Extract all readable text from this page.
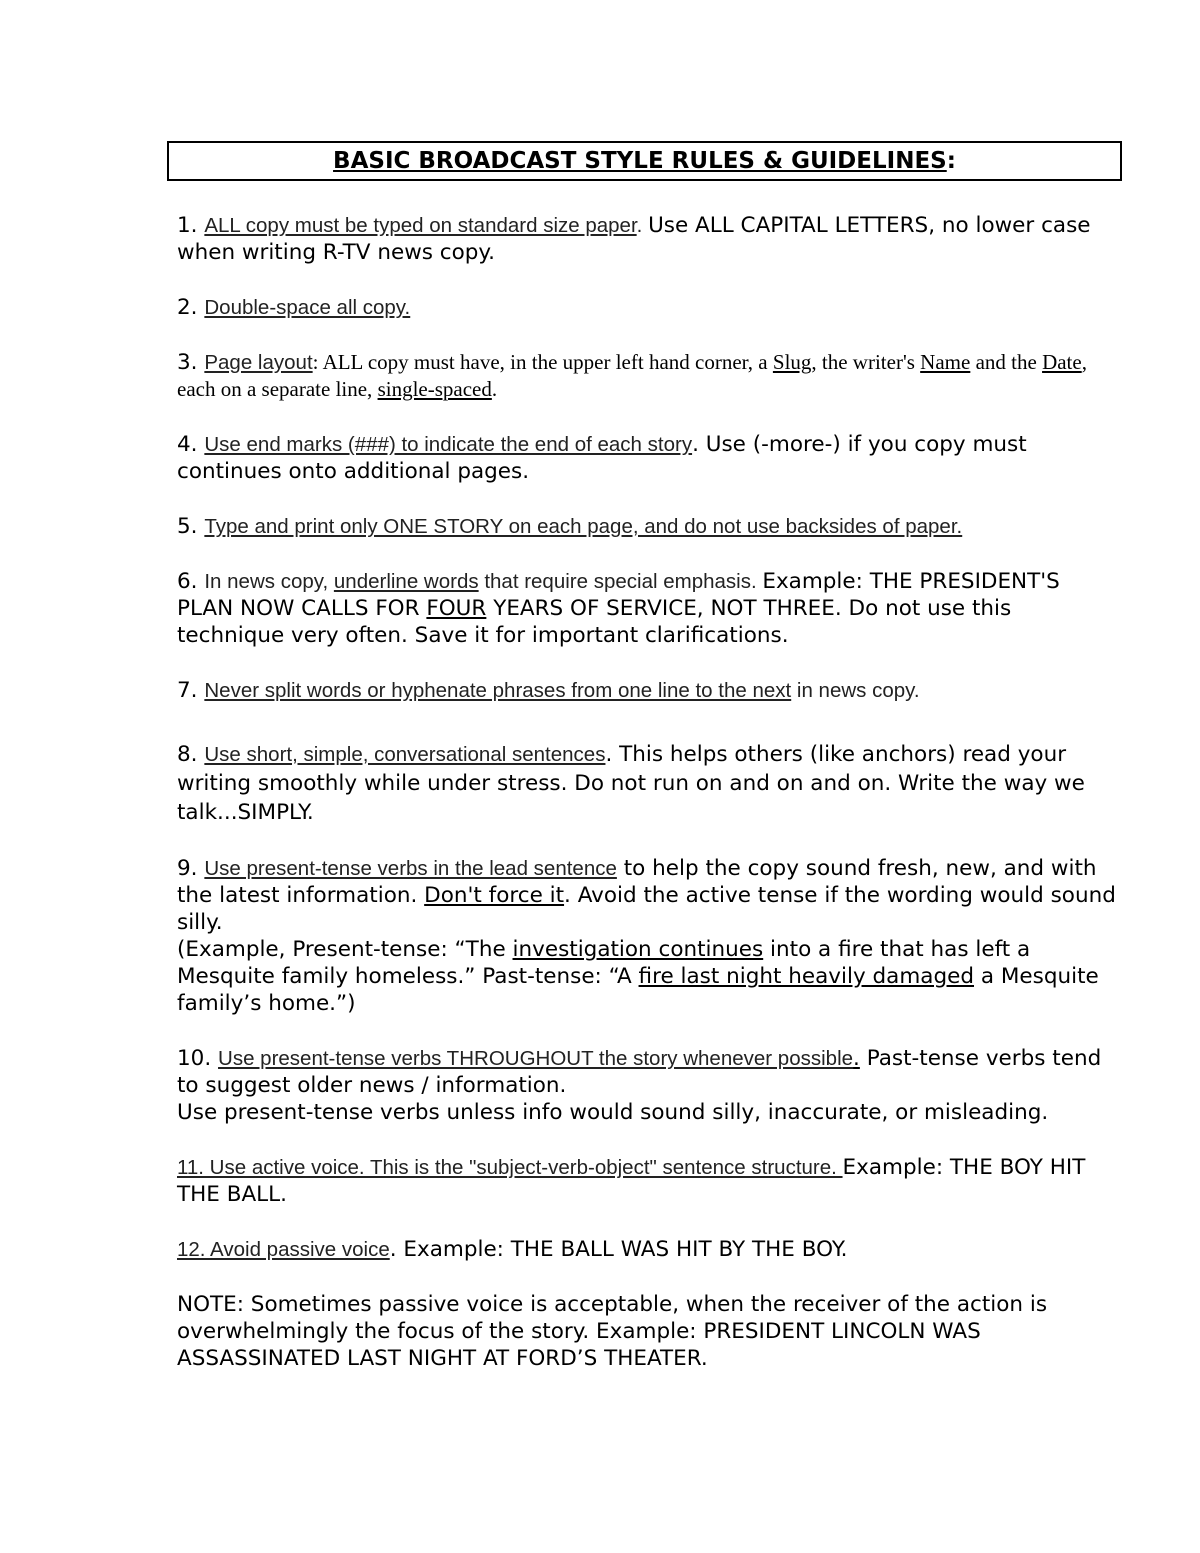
BASIC BROADCAST STYLE RULES & GUIDELINES:

1. ALL copy must be typed on standard size paper. Use ALL CAPITAL LETTERS, no lower case when writing R-TV news copy.

2. Double-space all copy.

3. Page layout: ALL copy must have, in the upper left hand corner, a Slug, the writer's Name and the Date, each on a separate line, single-spaced.

4. Use end marks (###) to indicate the end of each story. Use (-more-) if you copy must continues onto additional pages.

5. Type and print only ONE STORY on each page, and do not use backsides of paper.

6. In news copy, underline words that require special emphasis. Example: THE PRESIDENT'S PLAN NOW CALLS FOR FOUR YEARS OF SERVICE, NOT THREE. Do not use this technique very often. Save it for important clarifications.

7. Never split words or hyphenate phrases from one line to the next in news copy.

8. Use short, simple, conversational sentences. This helps others (like anchors) read your writing smoothly while under stress. Do not run on and on and on. Write the way we talk...SIMPLY.

9. Use present-tense verbs in the lead sentence to help the copy sound fresh, new, and with the latest information. Don't force it. Avoid the active tense if the wording would sound silly.
(Example, Present-tense: “The investigation continues into a fire that has left a Mesquite family homeless.” Past-tense: “A fire last night heavily damaged a Mesquite family’s home.”)

10. Use present-tense verbs THROUGHOUT the story whenever possible. Past-tense verbs tend to suggest older news / information.
Use present-tense verbs unless info would sound silly, inaccurate, or misleading.

11. Use active voice. This is the "subject-verb-object" sentence structure. Example: THE BOY HIT THE BALL.

12. Avoid passive voice. Example: THE BALL WAS HIT BY THE BOY.

NOTE: Sometimes passive voice is acceptable, when the receiver of the action is overwhelmingly the focus of the story. Example: PRESIDENT LINCOLN WAS ASSASSINATED LAST NIGHT AT FORD’S THEATER.
